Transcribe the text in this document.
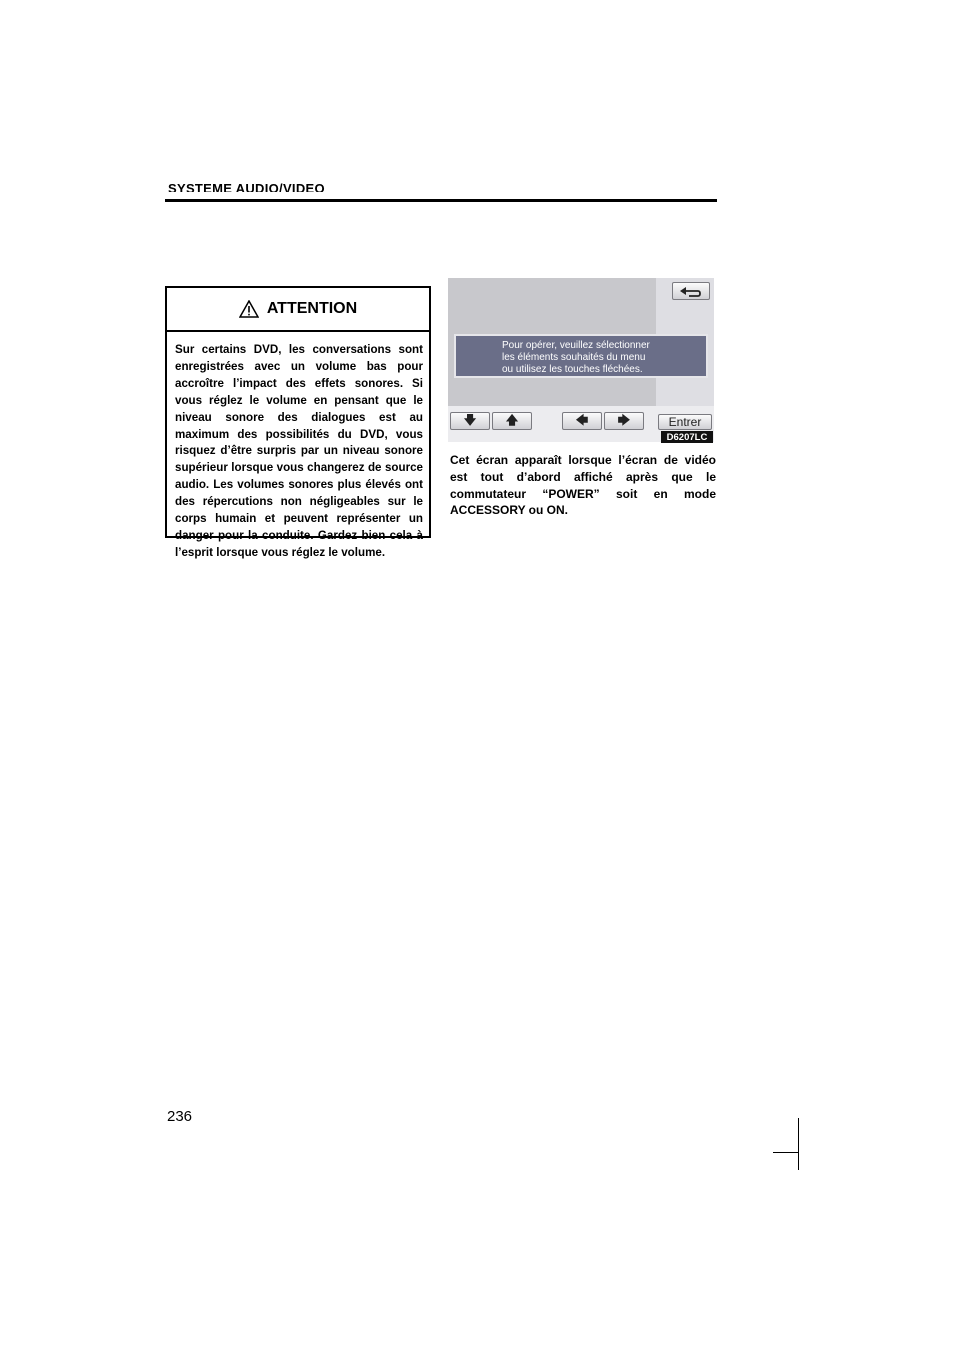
SYSTEME AUDIO/VIDEO
ATTENTION
Sur certains DVD, les conversations sont enregistrées avec un volume bas pour accroître l’impact des effets sonores. Si vous réglez le volume en pensant que le niveau sonore des dialogues est au maximum des possibilités du DVD, vous risquez d’être surpris par un niveau sonore supérieur lorsque vous changerez de source audio. Les volumes sonores plus élevés ont des répercutions non négligeables sur le corps humain et peuvent représenter un danger pour la conduite. Gardez bien cela à l’esprit lorsque vous réglez le volume.
Pour opérer, veuillez sélectionner
les éléments souhaités du menu
ou utilisez les touches fléchées.
🡇 🡅	🡄 🡆	Entrer
D6207LC
Cet écran apparaît lorsque l’écran de vidéo est tout d’abord affiché après que le commutateur “POWER” soit en mode ACCESSORY ou ON.
236
